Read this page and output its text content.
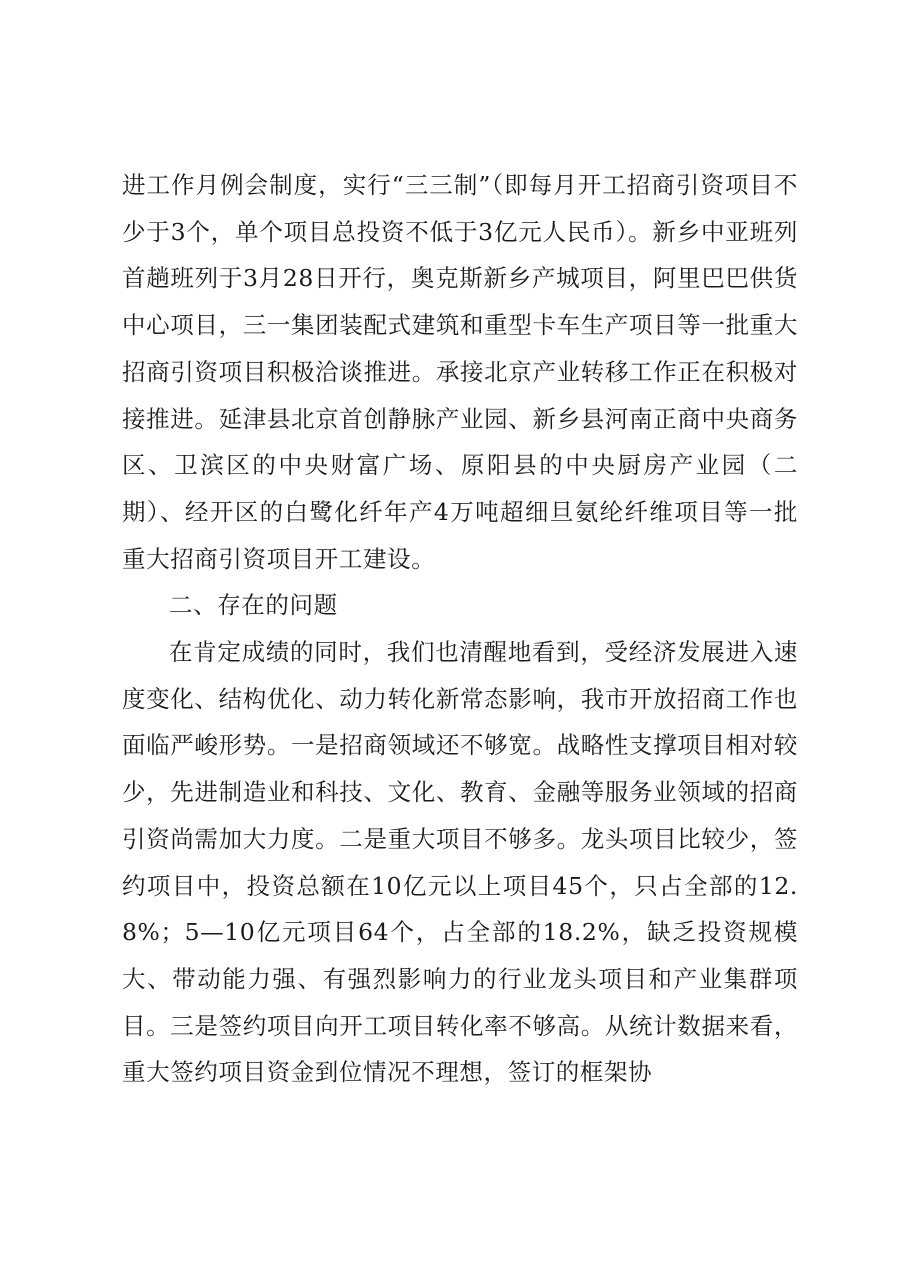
进工作月例会制度，实行“三三制”（即每月开工招商引资项目不少于3个，单个项目总投资不低于3亿元人民币）。新乡中亚班列首趟班列于3月28日开行，奥克斯新乡产城项目，阿里巴巴供货中心项目，三一集团装配式建筑和重型卡车生产项目等一批重大招商引资项目积极洽谈推进。承接北京产业转移工作正在积极对接推进。延津县北京首创静脉产业园、新乡县河南正商中央商务区、卫滨区的中央财富广场、原阳县的中央厨房产业园（二期）、经开区的白鹭化纤年产4万吨超细旦氨纶纤维项目等一批重大招商引资项目开工建设。

二、存在的问题

在肯定成绩的同时，我们也清醒地看到，受经济发展进入速度变化、结构优化、动力转化新常态影响，我市开放招商工作也面临严峻形势。一是招商领域还不够宽。战略性支撑项目相对较少，先进制造业和科技、文化、教育、金融等服务业领域的招商引资尚需加大力度。二是重大项目不够多。龙头项目比较少，签约项目中，投资总额在10亿元以上项目45个，只占全部的12.8%；5—10亿元项目64个，占全部的18.2%，缺乏投资规模大、带动能力强、有强烈影响力的行业龙头项目和产业集群项目。三是签约项目向开工项目转化率不够高。从统计数据来看，重大签约项目资金到位情况不理想，签订的框架协
